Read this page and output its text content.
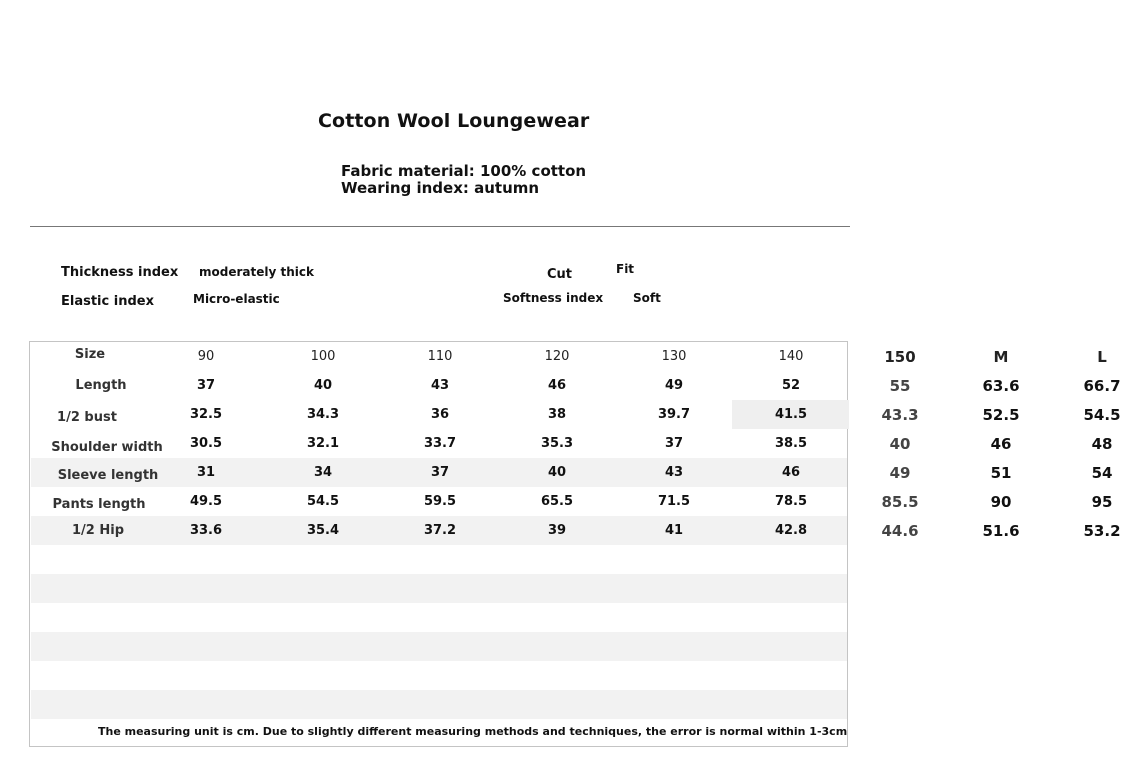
Cotton Wool Loungewear
Fabric material: 100% cotton
Wearing index: autumn
Thickness index moderately thick
Elastic index	Micro-elastic
Cut	Fit
Softness index Soft
Size	90	100	110	120	130	140	150	M	L
Length	37	40	43	46	49	52	55	63.6	66.7
1/2 bust	32.5	34.3	36	38	39.7	41.5	43.3	52.5	54.5
Shoulder width 30.5	32.1	33.7	35.3	37	38.5	40	46	48
Sleeve length	31	34	37	40	43	46	49	51	54
Pants length	49.5	54.5	59.5	65.5	71.5	78.5	85.5	90	95
1/2 Hip	33.6	35.4	37.2	39	41	42.8	44.6	51.6	53.2
The measuring unit is cm. Due to slightly different measuring methods and techniques, the error is normal within 1-3cm
